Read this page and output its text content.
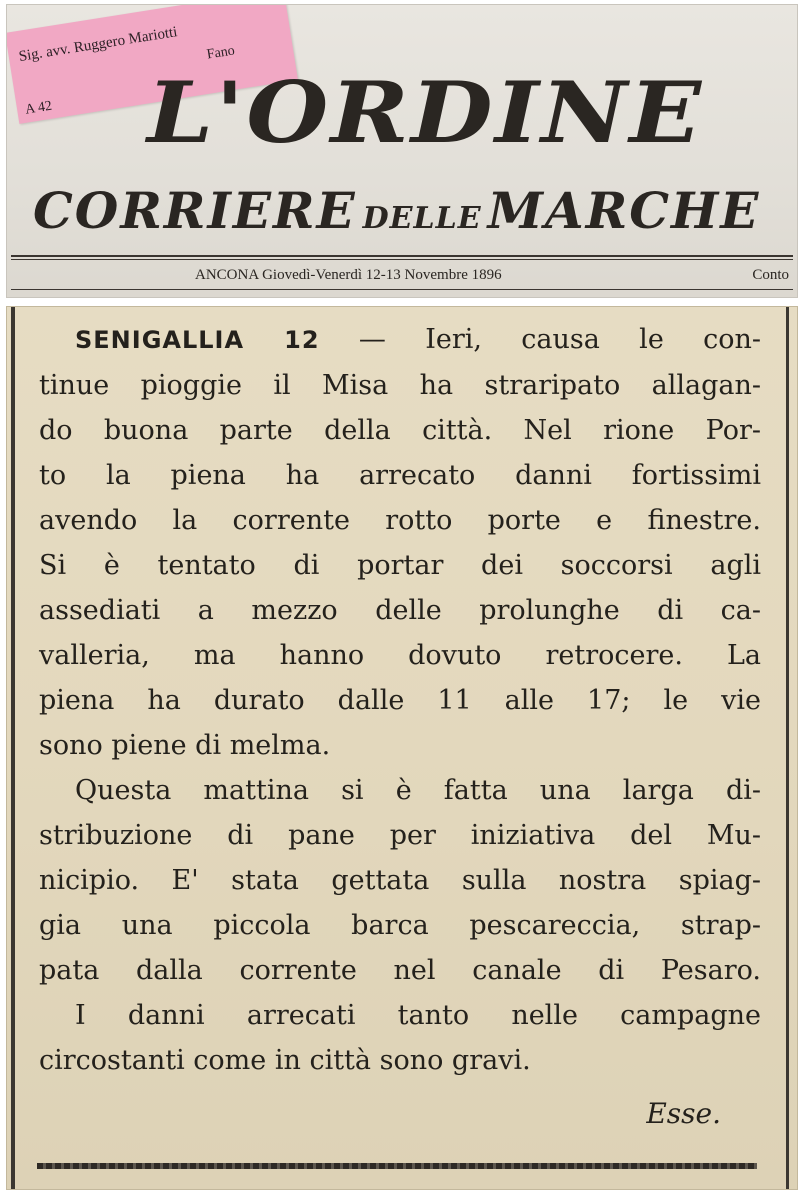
Sig. avv. Ruggero Mariotti Fano
A 42 L'ORDINE
CORRIERE DELLE MARCHE
ANCONA Giovedì-Venerdì 12-13 Novembre 1896	Conto
SENIGALLIA 12 — Ieri, causa le con-
tinue pioggie il Misa ha straripato allagan-
do buona parte della città. Nel rione Por-
to la piena ha arrecato danni fortissimi
avendo la corrente rotto porte e finestre.
Si è tentato di portar dei soccorsi agli
assediati a mezzo delle prolunghe di ca-
valleria, ma hanno dovuto retrocere. La
piena ha durato dalle 11 alle 17; le vie
sono piene di melma.
Questa mattina si è fatta una larga di-
stribuzione di pane per iniziativa del Mu-
nicipio. E' stata gettata sulla nostra spiag-
gia una piccola barca pescareccia, strap-
pata dalla corrente nel canale di Pesaro.
I danni arrecati tanto nelle campagne
circostanti come in città sono gravi.
Esse.
